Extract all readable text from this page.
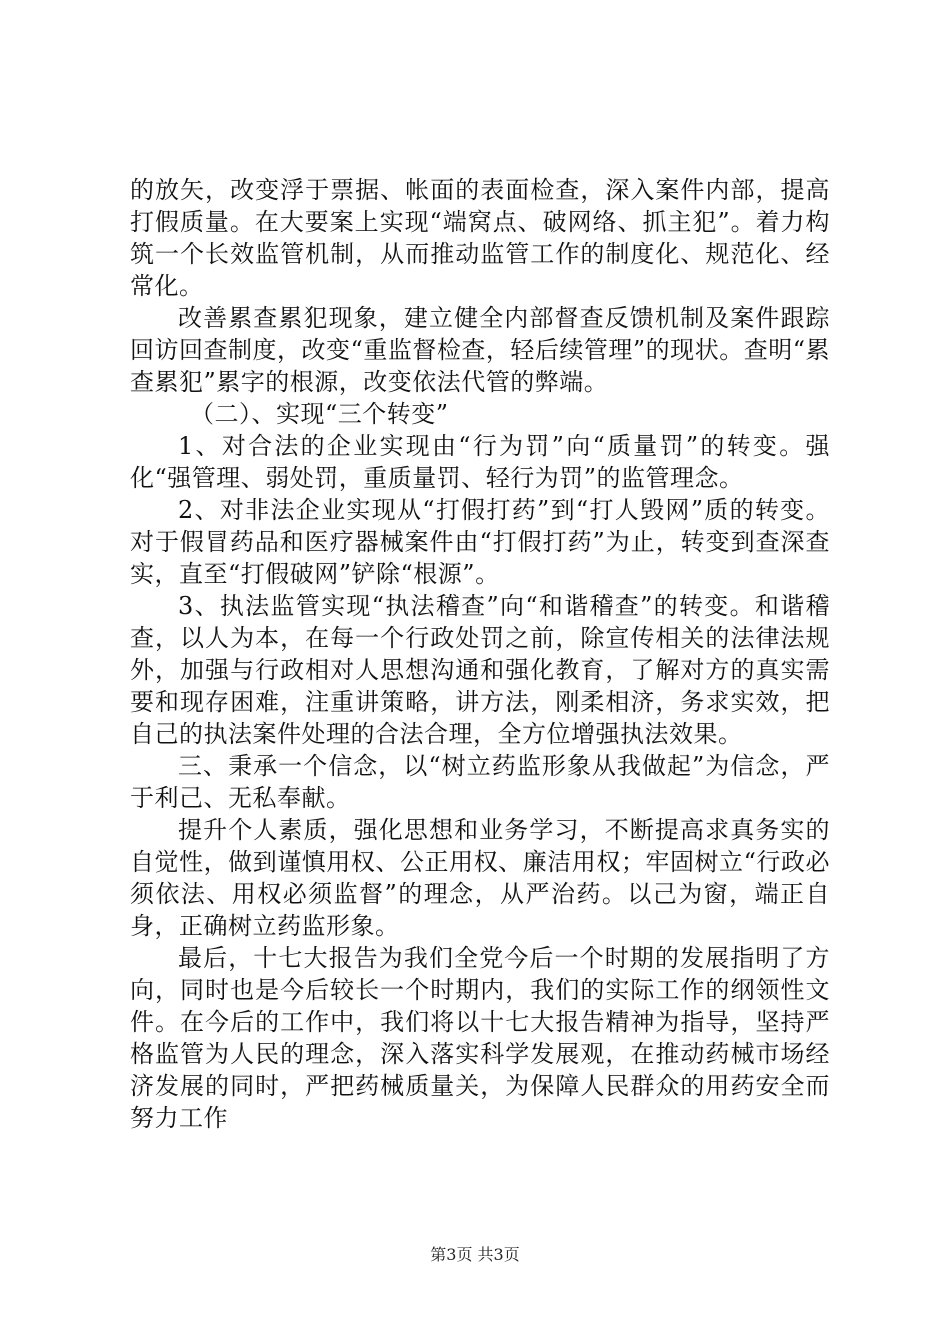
的放矢，改变浮于票据、帐面的表面检查，深入案件内部，提高打假质量。在大要案上实现“端窝点、破网络、抓主犯”。着力构筑一个长效监管机制，从而推动监管工作的制度化、规范化、经常化。

改善累查累犯现象，建立健全内部督查反馈机制及案件跟踪回访回查制度，改变“重监督检查，轻后续管理”的现状。查明“累查累犯”累字的根源，改变依法代管的弊端。

（二）、实现“三个转变”

1、对合法的企业实现由“行为罚”向“质量罚”的转变。强化“强管理、弱处罚，重质量罚、轻行为罚”的监管理念。

2、对非法企业实现从“打假打药”到“打人毁网”质的转变。对于假冒药品和医疗器械案件由“打假打药”为止，转变到查深查实，直至“打假破网”铲除“根源”。

3、执法监管实现“执法稽查”向“和谐稽查”的转变。和谐稽查，以人为本，在每一个行政处罚之前，除宣传相关的法律法规外，加强与行政相对人思想沟通和强化教育，了解对方的真实需要和现存困难，注重讲策略，讲方法，刚柔相济，务求实效，把自己的执法案件处理的合法合理，全方位增强执法效果。

三、秉承一个信念，以“树立药监形象从我做起”为信念，严于利己、无私奉献。

提升个人素质，强化思想和业务学习，不断提高求真务实的自觉性，做到谨慎用权、公正用权、廉洁用权；牢固树立“行政必须依法、用权必须监督”的理念，从严治药。以己为窗，端正自身，正确树立药监形象。

最后，十七大报告为我们全党今后一个时期的发展指明了方向，同时也是今后较长一个时期内，我们的实际工作的纲领性文件。在今后的工作中，我们将以十七大报告精神为指导，坚持严格监管为人民的理念，深入落实科学发展观，在推动药械市场经济发展的同时，严把药械质量关，为保障人民群众的用药安全而努力工作

第3页 共3页
